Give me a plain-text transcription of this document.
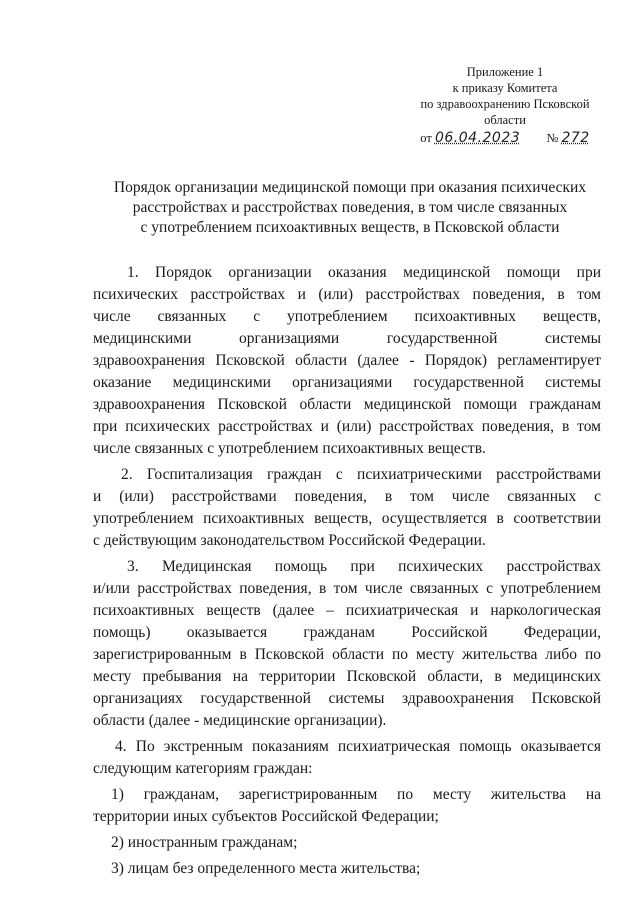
Приложение 1
к приказу Комитета
по здравоохранению Псковской
области
от 06.04.2023 № 272
Порядок организации медицинской помощи при оказания психических
расстройствах и расстройствах поведения, в том числе связанных
с употреблением психоактивных веществ, в Псковской области
1. Порядок организации оказания медицинской помощи при
психических расстройствах и (или) расстройствах поведения, в том
числе связанных с употреблением психоактивных веществ,
медицинскими организациями государственной системы
здравоохранения Псковской области (далее - Порядок) регламентирует
оказание медицинскими организациями государственной системы
здравоохранения Псковской области медицинской помощи гражданам
при психических расстройствах и (или) расстройствах поведения, в том
числе связанных с употреблением психоактивных веществ.
2. Госпитализация граждан с психиатрическими расстройствами
и (или) расстройствами поведения, в том числе связанных с
употреблением психоактивных веществ, осуществляется в соответствии
с действующим законодательством Российской Федерации.
3. Медицинская помощь при психических расстройствах
и/или расстройствах поведения, в том числе связанных с употреблением
психоактивных веществ (далее – психиатрическая и наркологическая
помощь) оказывается гражданам Российской Федерации,
зарегистрированным в Псковской области по месту жительства либо по
месту пребывания на территории Псковской области, в медицинских
организациях государственной системы здравоохранения Псковской
области (далее - медицинские организации).
4. По экстренным показаниям психиатрическая помощь оказывается
следующим категориям граждан:
1) гражданам, зарегистрированным по месту жительства на
территории иных субъектов Российской Федерации;
2) иностранным гражданам;
3) лицам без определенного места жительства;
